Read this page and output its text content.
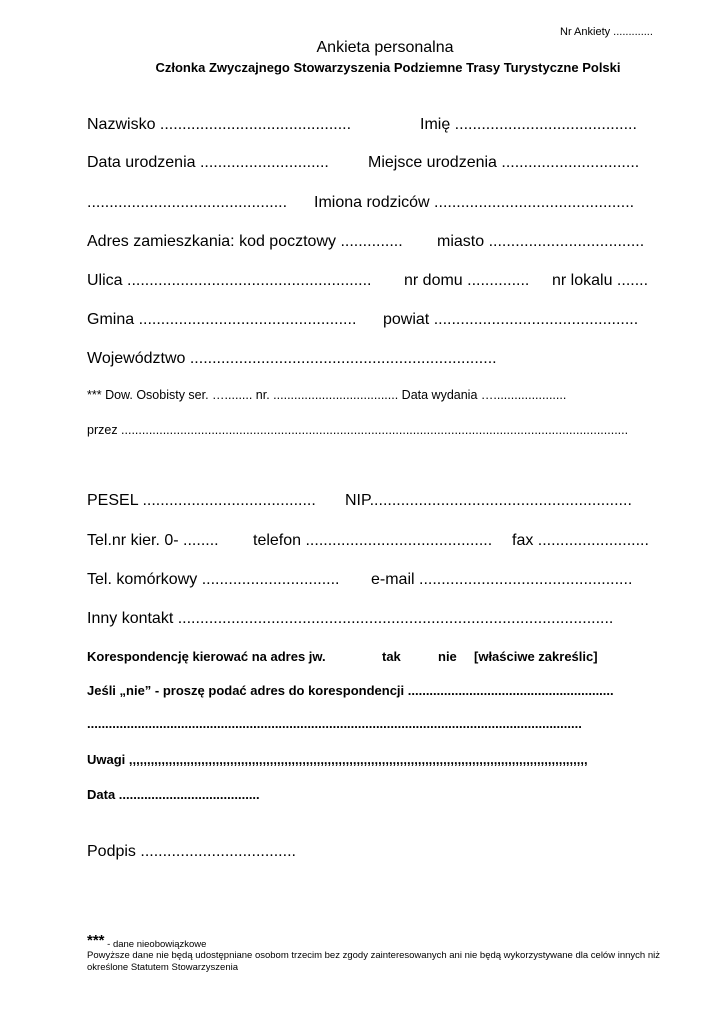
Nr Ankiety .............
Ankieta personalna
Członka Zwyczajnego Stowarzyszenia Podziemne Trasy Turystyczne Polski
Nazwisko ...........................................	Imię .........................................
Data urodzenia ............................. Miejsce urodzenia ...............................
............................................. Imiona rodziców .............................................
Adres zamieszkania: kod pocztowy .............. miasto ...................................
Ulica ....................................................... nr domu .............. nr lokalu .......
Gmina ................................................. powiat ..............................................
Województwo .....................................................................
*** Dow. Osobisty ser. …........ nr. .................................... Data wydania ….....................
przez ..................................................................................................................................................
PESEL ....................................... NIP...........................................................
Tel.nr kier. 0- ........ telefon .......................................... fax .........................
Tel. komórkowy ............................... e-mail ................................................
Inny kontakt ..................................................................................................
Korespondencję kierować na adres jw.	tak	nie [właściwe zakreślic]
Jeśli „nie” - proszę podać adres do korespondencji .........................................................
.........................................................................................................................................
Uwagi ,,,,,,,,,,,,,,,,,,,,,,,,,,,,,,,,,,,,,,,,,,,,,,,,,,,,,,,,,,,,,,,,,,,,,,,,,,,,,,,,,,,,,,,,,,,,,,,,,,,,,,,,,,,,,,,,,,,,,,,,,,,,,,,
Data .......................................
Podpis ...................................
*** - dane nieobowiązkowe
Powyższe dane nie będą udostępniane osobom trzecim bez zgody zainteresowanych ani nie będą wykorzystywane dla celów innych niż
określone Statutem Stowarzyszenia
